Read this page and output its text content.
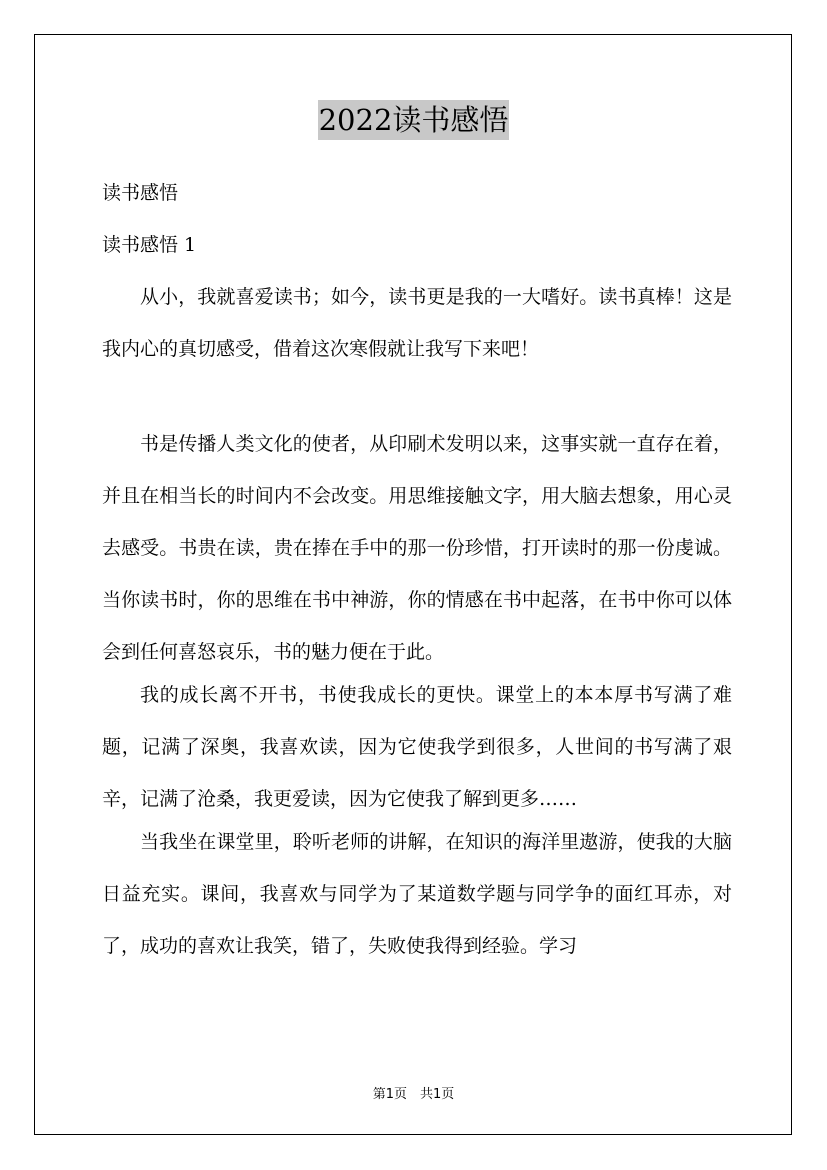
2022读书感悟
读书感悟
读书感悟 1

从小，我就喜爱读书；如今，读书更是我的一大嗜好。读书真棒！这是我内心的真切感受，借着这次寒假就让我写下来吧！

书是传播人类文化的使者，从印刷术发明以来，这事实就一直存在着，并且在相当长的时间内不会改变。用思维接触文字，用大脑去想象，用心灵去感受。书贵在读，贵在捧在手中的那一份珍惜，打开读时的那一份虔诚。当你读书时，你的思维在书中神游，你的情感在书中起落，在书中你可以体会到任何喜怒哀乐，书的魅力便在于此。

我的成长离不开书，书使我成长的更快。课堂上的本本厚书写满了难题，记满了深奥，我喜欢读，因为它使我学到很多，人世间的书写满了艰辛，记满了沧桑，我更爱读，因为它使我了解到更多……

当我坐在课堂里，聆听老师的讲解，在知识的海洋里遨游，使我的大脑日益充实。课间，我喜欢与同学为了某道数学题与同学争的面红耳赤，对了，成功的喜欢让我笑，错了，失败使我得到经验。学习

第1页　共1页
